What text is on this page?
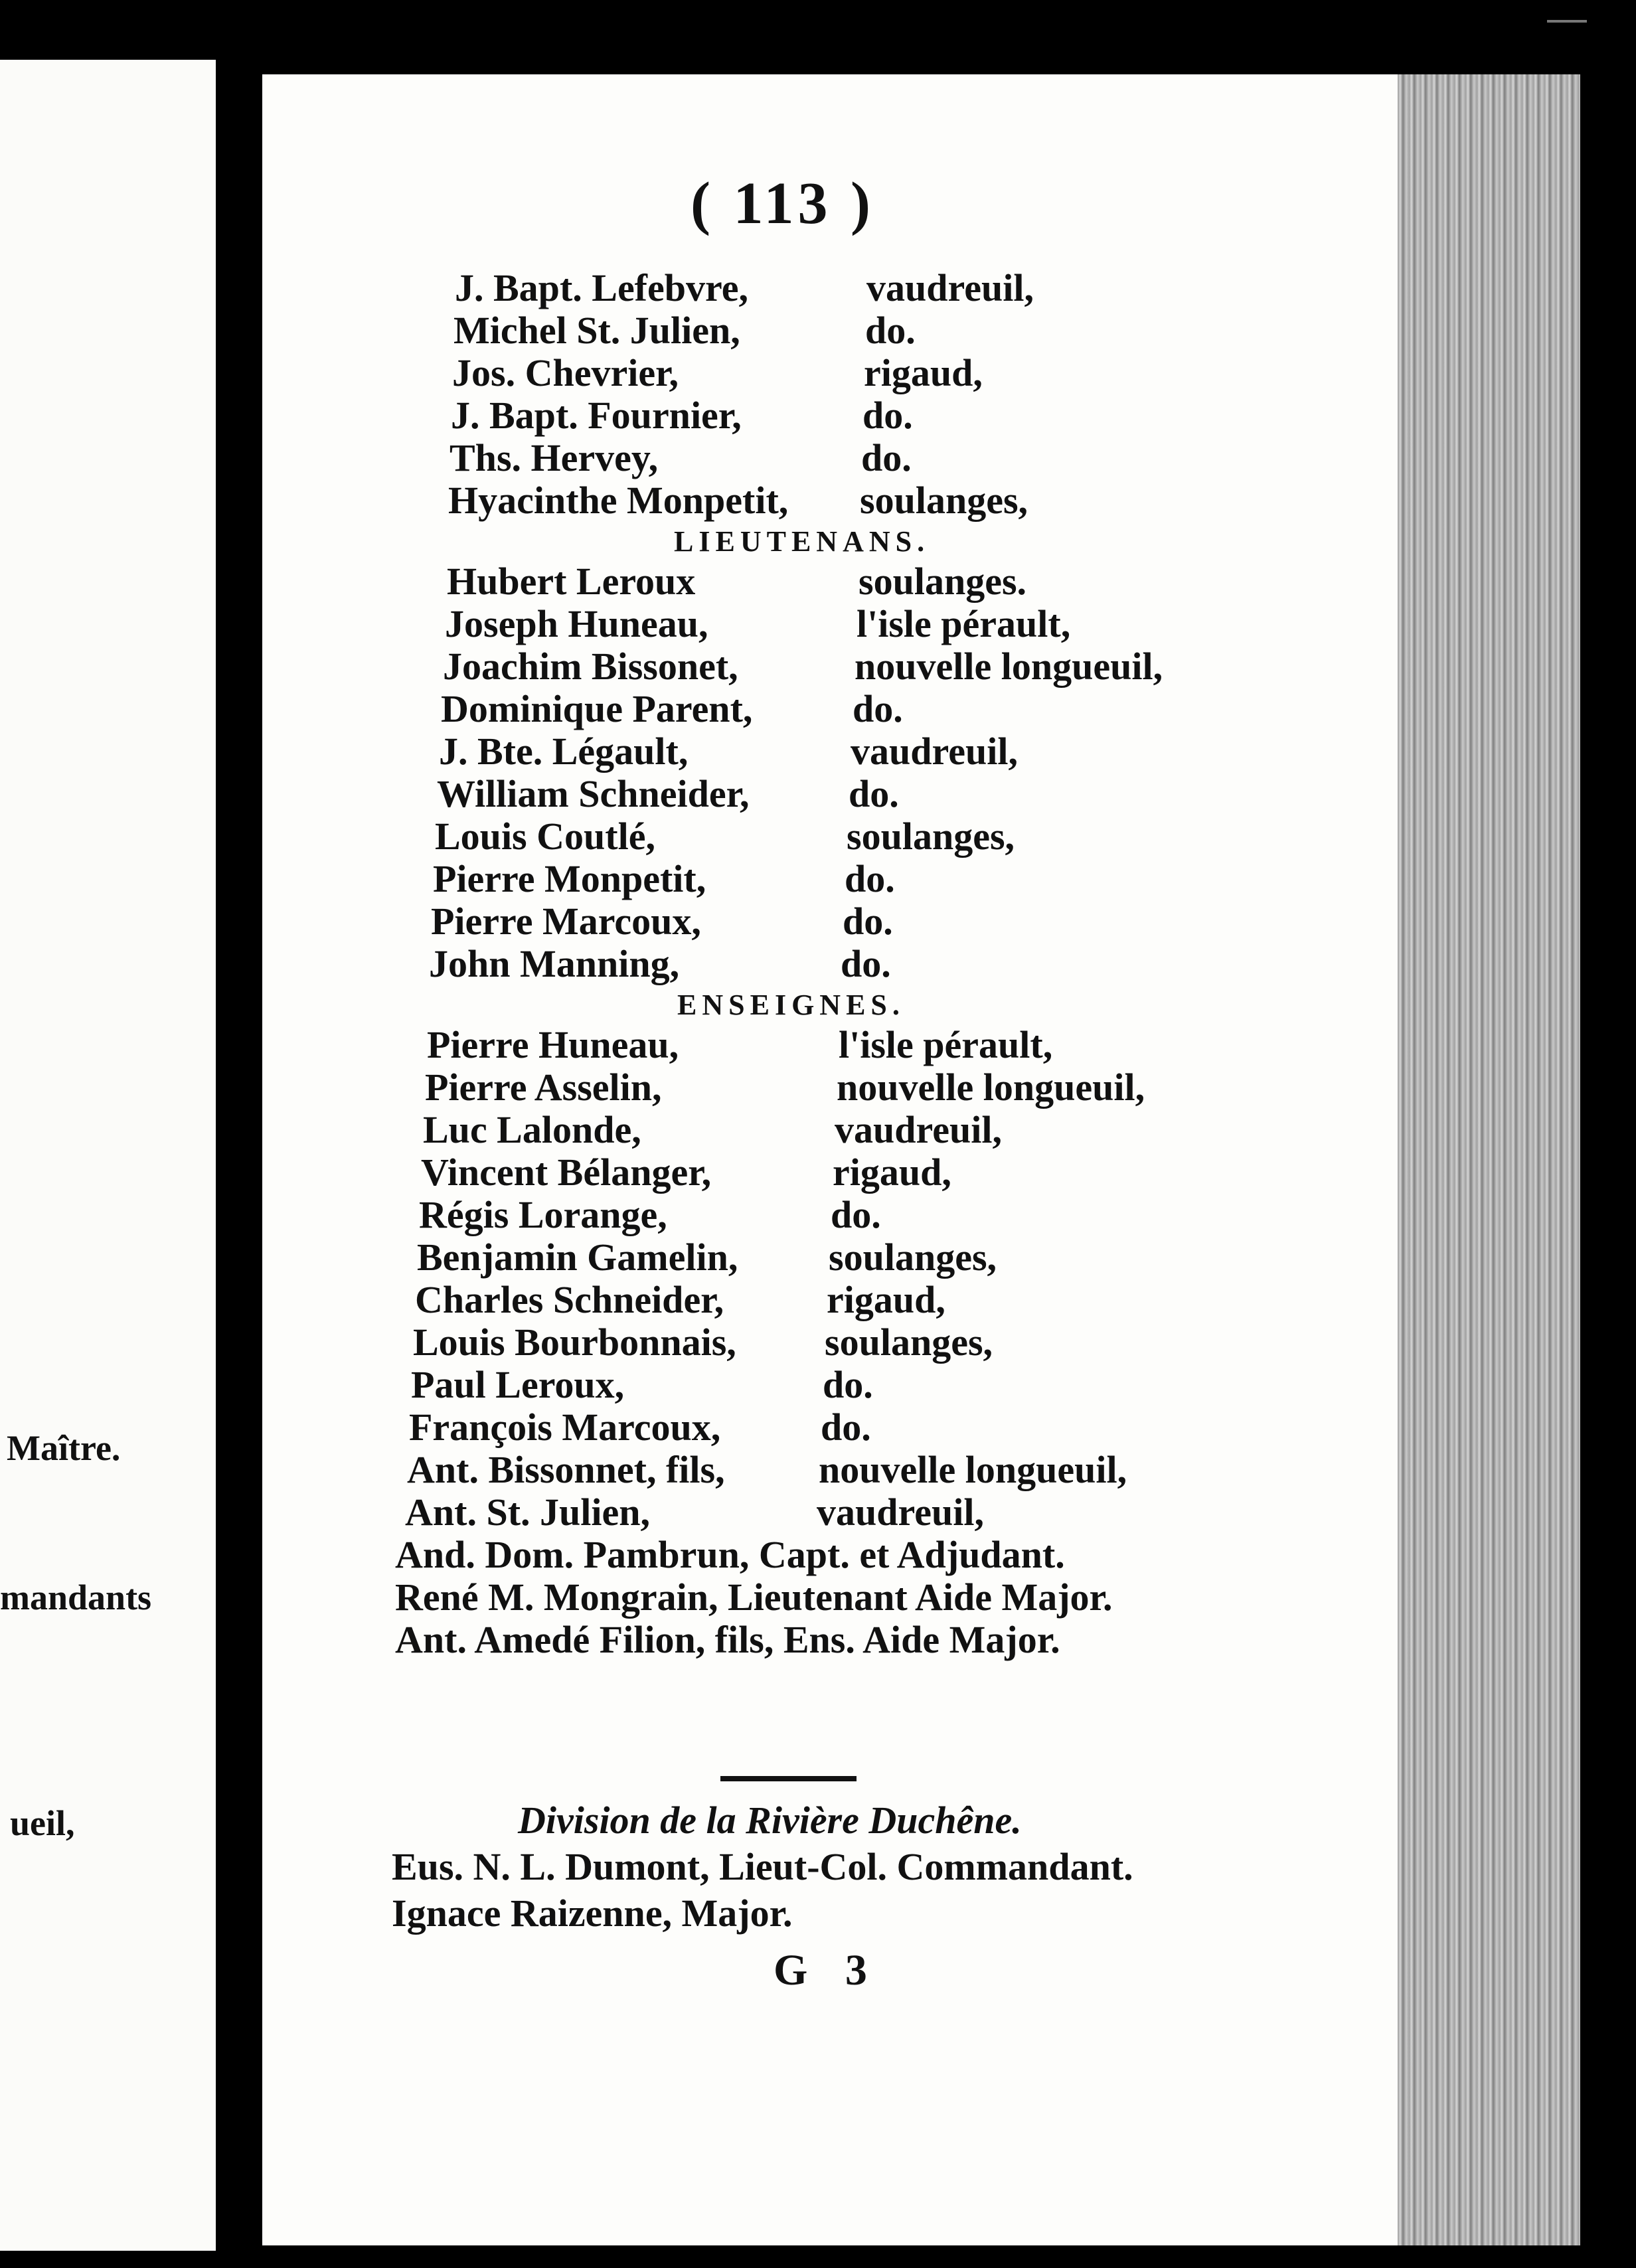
Maître.
mandants
ueil,
( 113 )
J. Bapt. Lefebvre,	vaudreuil,
Michel St. Julien,	do.
Jos. Chevrier,	rigaud,
J. Bapt. Fournier,	do.
Ths. Hervey,	do.
Hyacinthe Monpetit, soulanges,
LIEUTENANS.
Hubert Leroux	soulanges.
Joseph Huneau,	l'isle pérault,
Joachim Bissonet,	nouvelle longueuil,
Dominique Parent,	do.
J. Bte. Légault,	vaudreuil,
William Schneider,	do.
Louis Coutlé,	soulanges,
Pierre Monpetit,	do.
Pierre Marcoux,	do.
John Manning,	do.
ENSEIGNES.
Pierre Huneau,	l'isle pérault,
Pierre Asselin,	nouvelle longueuil,
Luc Lalonde,	vaudreuil,
Vincent Bélanger,	rigaud,
Régis Lorange,	do.
Benjamin Gamelin, soulanges,
Charles Schneider,	rigaud,
Louis Bourbonnais, soulanges,
Paul Leroux,	do.
François Marcoux,	do.
Ant. Bissonnet, fils, nouvelle longueuil,
Ant. St. Julien,	vaudreuil,
And. Dom. Pambrun, Capt. et Adjudant.
René M. Mongrain, Lieutenant Aide Major.
Ant. Amedé Filion, fils, Ens. Aide Major.
Division de la Rivière Duchêne.
Eus. N. L. Dumont, Lieut-Col. Commandant.
Ignace Raizenne, Major.
G 3
